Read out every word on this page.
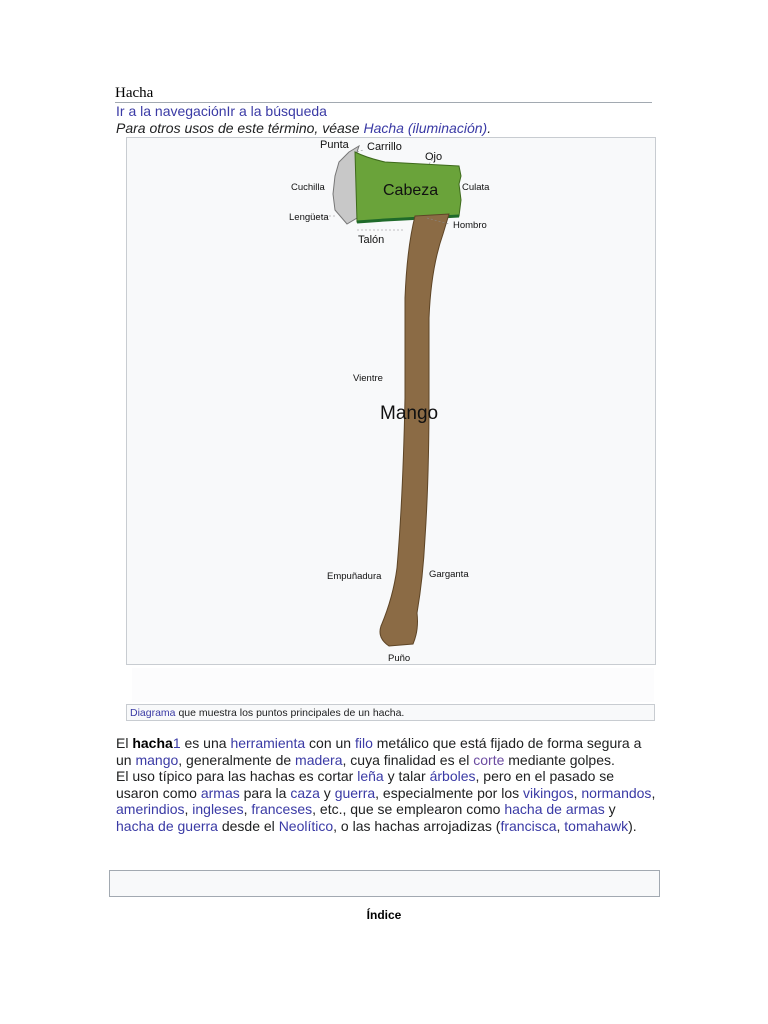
Hacha
Ir a la navegaciónIr a la búsqueda
Para otros usos de este término, véase Hacha (iluminación).
Punta Carrillo
Ojo
Cuchilla	Cabeza	Culata
Lengüeta
Hombro
Talón
Vientre
Mango
Empuñadura	Garganta
Puño
Diagrama que muestra los puntos principales de un hacha.

El hacha1 es una herramienta con un filo metálico que está fijado de forma segura a un mango, generalmente de madera, cuya finalidad es el corte mediante golpes.

El uso típico para las hachas es cortar leña y talar árboles, pero en el pasado se usaron como armas para la caza y guerra, especialmente por los vikingos, normandos, amerindios, ingleses, franceses, etc., que se emplearon como hacha de armas y hacha de guerra desde el Neolítico, o las hachas arrojadizas (francisca, tomahawk).

Índice
